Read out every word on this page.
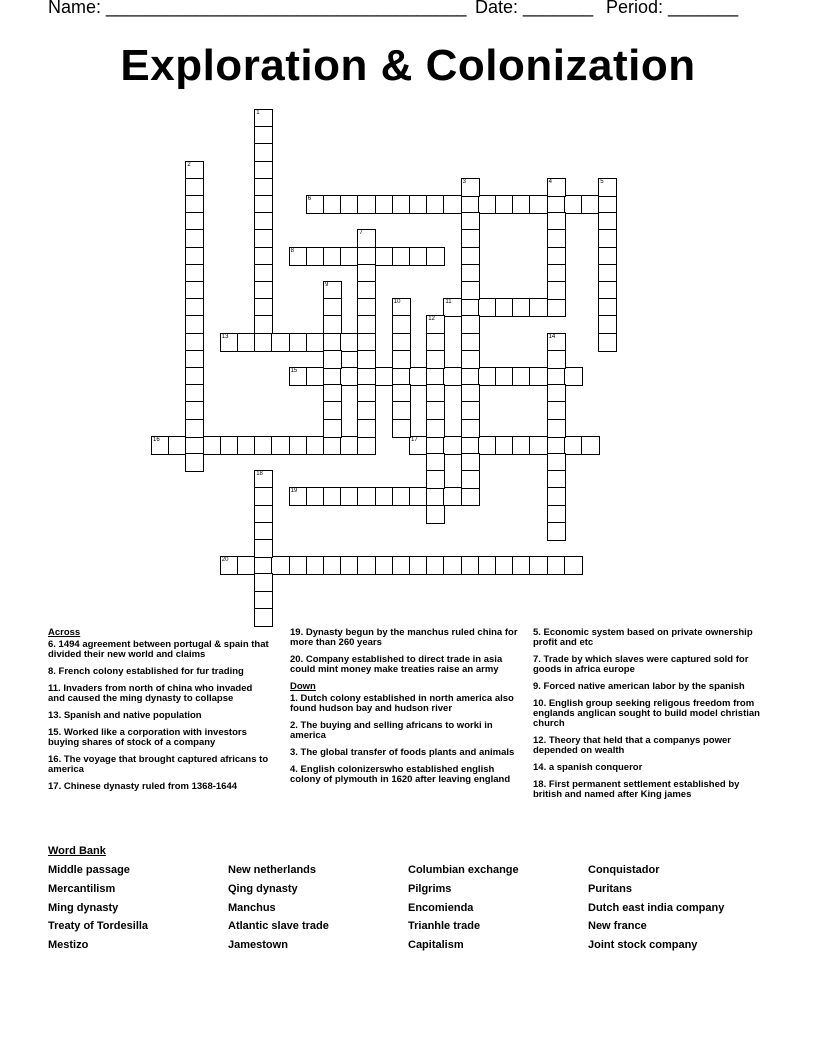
Name: ____________________________________

Date: _______

Period: _______

Exploration & Colonization
6
8
11
13
15
16	17
19
20
1
2
3	4	5
7
9
10
12
14
18
Across
6. 1494 agreement between portugal & spain that divided their new world and claims
8. French colony established for fur trading
11. Invaders from north of china who invaded and caused the ming dynasty to collapse
13. Spanish and native population
15. Worked like a corporation with investors buying shares of stock of a company
16. The voyage that brought captured africans to america
17. Chinese dynasty ruled from 1368-1644
19. Dynasty begun by the manchus ruled china for more than 260 years
20. Company established to direct trade in asia could mint money make treaties raise an army
Down
1. Dutch colony established in north america also found hudson bay and hudson river
2. The buying and selling africans to worki in america
3. The global transfer of foods plants and animals
4. English colonizerswho established english colony of plymouth in 1620 after leaving england
5. Economic system based on private ownership profit and etc
7. Trade by which slaves were captured sold for goods in africa europe
9. Forced native american labor by the spanish
10. English group seeking religous freedom from englands anglican sought to build model christian church
12. Theory that held that a companys power depended on wealth
14. a spanish conqueror
18. First permanent settlement established by british and named after King james
Word Bank
Middle passage
Mercantilism
Ming dynasty
Treaty of Tordesilla
Mestizo
New netherlands
Qing dynasty
Manchus
Atlantic slave trade
Jamestown
Columbian exchange
Pilgrims
Encomienda
Trianhle trade
Capitalism
Conquistador
Puritans
Dutch east india company
New france
Joint stock company
